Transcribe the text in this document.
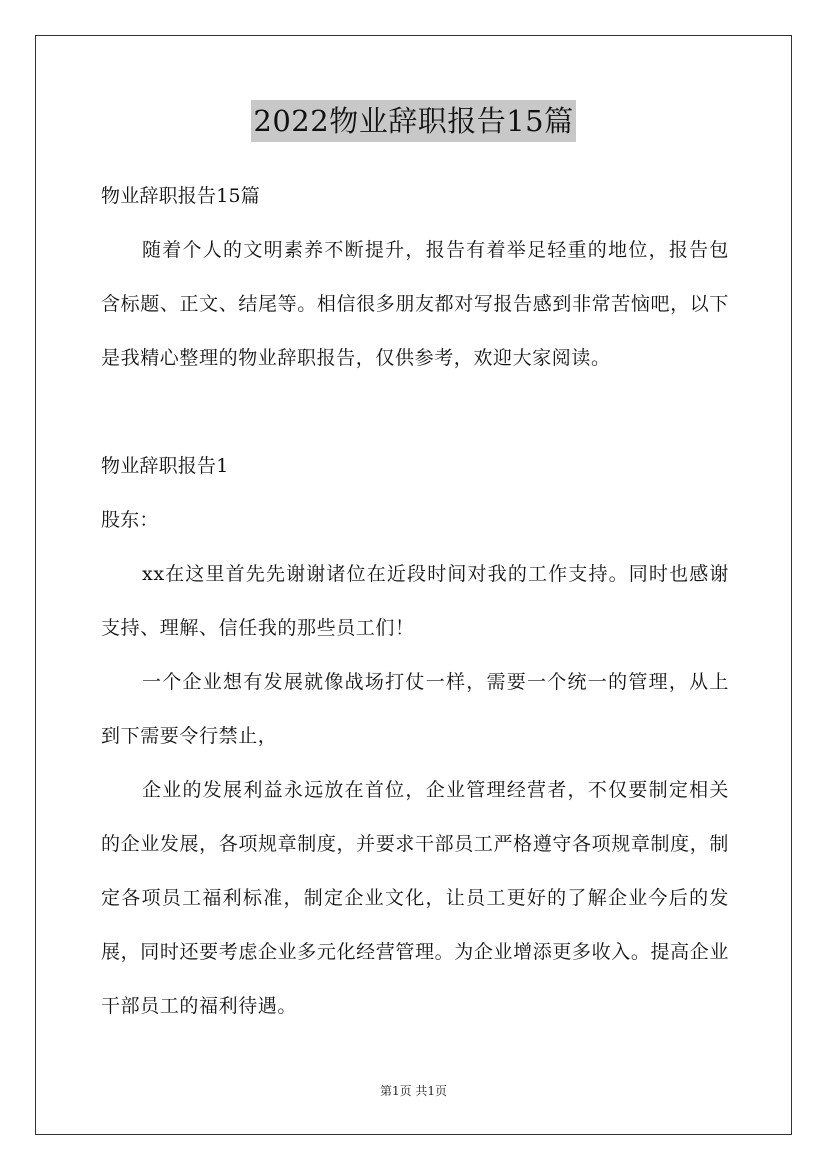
2022物业辞职报告15篇
物业辞职报告15篇

随着个人的文明素养不断提升，报告有着举足轻重的地位，报告包含标题、正文、结尾等。相信很多朋友都对写报告感到非常苦恼吧，以下是我精心整理的物业辞职报告，仅供参考，欢迎大家阅读。

物业辞职报告1
股东：

xx在这里首先先谢谢诸位在近段时间对我的工作支持。同时也感谢支持、理解、信任我的那些员工们！

一个企业想有发展就像战场打仗一样，需要一个统一的管理，从上到下需要令行禁止，

企业的发展利益永远放在首位，企业管理经营者，不仅要制定相关的企业发展，各项规章制度，并要求干部员工严格遵守各项规章制度，制定各项员工福利标准，制定企业文化，让员工更好的了解企业今后的发展，同时还要考虑企业多元化经营管理。为企业增添更多收入。提高企业干部员工的福利待遇。

第1页 共1页
